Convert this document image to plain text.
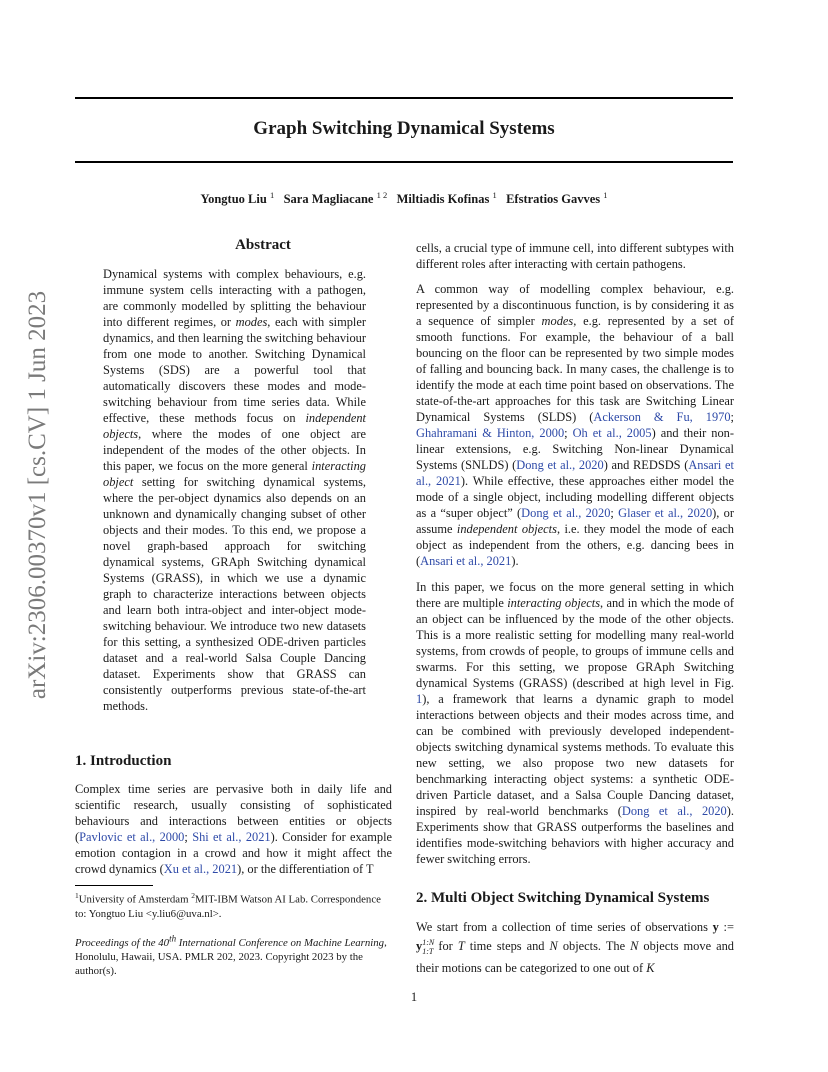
Graph Switching Dynamical Systems
Yongtuo Liu $^1$ Sara Magliacane $^{1 2}$ Miltiadis Kofinas $^1$ Efstratios Gavves $^1$
arXiv:2306.00370v1 [cs.CV] 1 Jun 2023
Abstract

Dynamical systems with complex behaviours, e.g. immune system cells interacting with a pathogen, are commonly modelled by splitting the behaviour into different regimes, or modes, each with simpler dynamics, and then learning the switching behaviour from one mode to another. Switching Dynamical Systems (SDS) are a powerful tool that automatically discovers these modes and mode-switching behaviour from time series data. While effective, these methods focus on independent objects, where the modes of one object are independent of the modes of the other objects. In this paper, we focus on the more general interacting object setting for switching dynamical systems, where the per-object dynamics also depends on an unknown and dynamically changing subset of other objects and their modes. To this end, we propose a novel graph-based approach for switching dynamical systems, GRAph Switching dynamical Systems (GRASS), in which we use a dynamic graph to characterize interactions between objects and learn both intra-object and inter-object mode-switching behaviour. We introduce two new datasets for this setting, a synthesized ODE-driven particles dataset and a real-world Salsa Couple Dancing dataset. Experiments show that GRASS can consistently outperforms previous state-of-the-art methods.

1. Introduction

Complex time series are pervasive both in daily life and scientific research, usually consisting of sophisticated behaviours and interactions between entities or objects (Pavlovic et al., 2000; Shi et al., 2021). Consider for example emotion contagion in a crowd and how it might affect the crowd dynamics (Xu et al., 2021), or the differentiation of T

$^1$University of Amsterdam $^2$MIT-IBM Watson AI Lab. Correspondence to: Yongtuo Liu <y.liu6@uva.nl>.
Proceedings of the 40th International Conference on Machine Learning, Honolulu, Hawaii, USA. PMLR 202, 2023. Copyright 2023 by the author(s).

cells, a crucial type of immune cell, into different subtypes with different roles after interacting with certain pathogens.

A common way of modelling complex behaviour, e.g. represented by a discontinuous function, is by considering it as a sequence of simpler modes, e.g. represented by a set of smooth functions. For example, the behaviour of a ball bouncing on the floor can be represented by two simple modes of falling and bouncing back. In many cases, the challenge is to identify the mode at each time point based on observations. The state-of-the-art approaches for this task are Switching Linear Dynamical Systems (SLDS) (Ackerson & Fu, 1970; Ghahramani & Hinton, 2000; Oh et al., 2005) and their non-linear extensions, e.g. Switching Non-linear Dynamical Systems (SNLDS) (Dong et al., 2020) and REDSDS (Ansari et al., 2021). While effective, these approaches either model the mode of a single object, including modelling different objects as a “super object” (Dong et al., 2020; Glaser et al., 2020), or assume independent objects, i.e. they model the mode of each object as independent from the others, e.g. dancing bees in (Ansari et al., 2021).

In this paper, we focus on the more general setting in which there are multiple interacting objects, and in which the mode of an object can be influenced by the mode of the other objects. This is a more realistic setting for modelling many real-world systems, from crowds of people, to groups of immune cells and swarms. For this setting, we propose GRAph Switching dynamical Systems (GRASS) (described at high level in Fig. 1), a framework that learns a dynamic graph to model interactions between objects and their modes across time, and can be combined with previously developed independent-objects switching dynamical systems methods. To evaluate this new setting, we also propose two new datasets for benchmarking interacting object systems: a synthetic ODE-driven Particle dataset, and a Salsa Couple Dancing dataset, inspired by real-world benchmarks (Dong et al., 2020). Experiments show that GRASS outperforms the baselines and identifies mode-switching behaviors with higher accuracy and fewer switching errors.

2. Multi Object Switching Dynamical Systems

We start from a collection of time series of observations y := $y^{1:N}_{1:T}$ for T time steps and N objects. The N objects move and their motions can be categorized to one out of K

1
